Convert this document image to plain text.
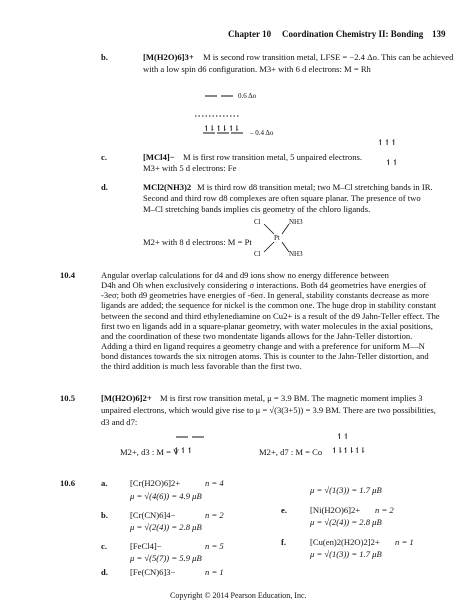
Chapter 10 Coordination Chemistry II: Bonding 139
b.	[M(H2O)6]3+ M is second row transition metal, LFSE = −2.4 Δo. This can be achieved
with a low spin d6 configuration. M3+ with 6 d electrons: M = Rh
↿⇂ ↿⇂ ↿⇂
0.6 Δo
– 0.4 Δo
c.	[MCl4]− M is first row transition metal, 5 unpaired electrons.
M3+ with 5 d electrons: Fe
↿ ↿ ↿
↿ ↿
d.	MCl2(NH3)2 M is third row d8 transition metal; two M–Cl stretching bands in IR.
Second and third row d8 complexes are often square planar. The presence of two
M–Cl stretching bands implies cis geometry of the chloro ligands.
M2+ with 8 d electrons: M = Pt
Cl
Cl
NH3
NH3
Pt
10.4	Angular overlap calculations for d4 and d9 ions show no energy difference between
D4h and Oh when exclusively considering σ interactions. Both d4 geometries have energies of
-3eσ; both d9 geometries have energies of -6eσ. In general, stability constants decrease as more
ligands are added; the sequence for nickel is the common one. The huge drop in stability constant
between the second and third ethylenediamine on Cu2+ is a result of the d9 Jahn-Teller effect. The
first two en ligands add in a square-planar geometry, with water molecules in the axial positions,
and the coordination of these two mondentate ligands allows for the Jahn-Teller distortion.
Adding a third en ligand requires a geometry change and with a preference for uniform M—N
bond distances towards the six nitrogen atoms. This is counter to the Jahn-Teller distortion, and
the third addition is much less favorable than the first two.
10.5	[M(H2O)6]2+ M is first row transition metal, μ = 3.9 BM. The magnetic moment implies 3
unpaired electrons, which would give rise to μ = √(3(3+5)) = 3.9 BM. There are two possibilities,
d3 and d7:
↿ ↿ ↿
M2+, d3 : M = V
↿ ↿
↿⇂↿⇂↿⇂
M2+, d7 : M = Co
10.6	a.	[Cr(H2O)6]2+	n = 4
μ = √(4(6)) = 4.9 μB
b.	[Cr(CN)6]4−	n = 2
μ = √(2(4)) = 2.8 μB
c.	[FeCl4]−	n = 5
μ = √(5(7)) = 5.9 μB
d.	[Fe(CN)6]3−	n = 1
μ = √(1(3)) = 1.7 μB
e.	[Ni(H2O)6]2+ n = 2
μ = √(2(4)) = 2.8 μB
f.	[Cu(en)2(H2O)2]2+ n = 1
μ = √(1(3)) = 1.7 μB
Copyright © 2014 Pearson Education, Inc.
